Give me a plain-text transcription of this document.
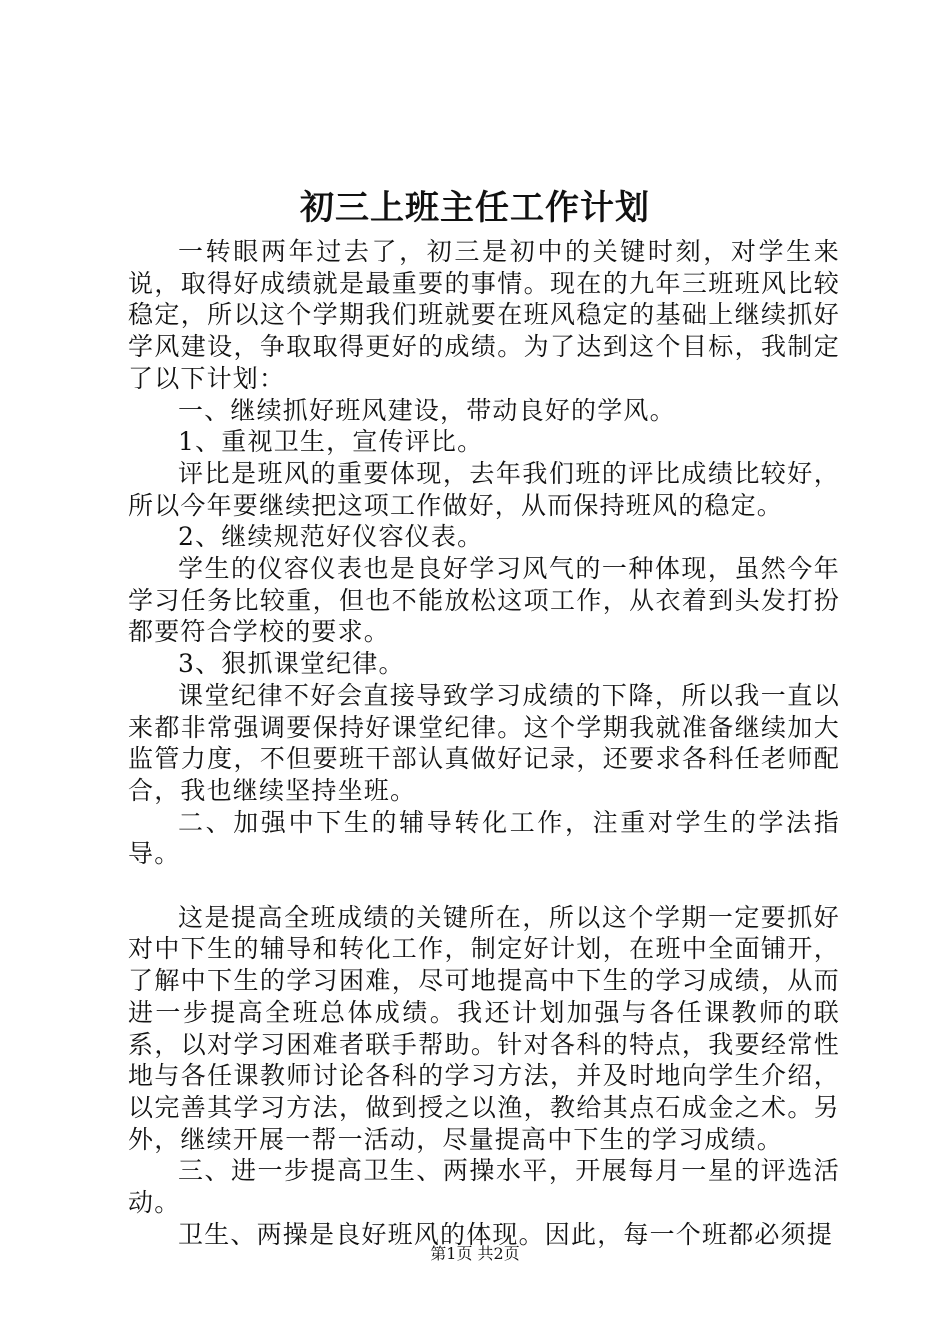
初三上班主任工作计划

一转眼两年过去了，初三是初中的关键时刻，对学生来说，取得好成绩就是最重要的事情。现在的九年三班班风比较稳定，所以这个学期我们班就要在班风稳定的基础上继续抓好学风建设，争取取得更好的成绩。为了达到这个目标，我制定了以下计划：

一、继续抓好班风建设，带动良好的学风。

1、重视卫生，宣传评比。

评比是班风的重要体现，去年我们班的评比成绩比较好，所以今年要继续把这项工作做好，从而保持班风的稳定。

2、继续规范好仪容仪表。

学生的仪容仪表也是良好学习风气的一种体现，虽然今年学习任务比较重，但也不能放松这项工作，从衣着到头发打扮都要符合学校的要求。

3、狠抓课堂纪律。

课堂纪律不好会直接导致学习成绩的下降，所以我一直以来都非常强调要保持好课堂纪律。这个学期我就准备继续加大监管力度，不但要班干部认真做好记录，还要求各科任老师配合，我也继续坚持坐班。

二、加强中下生的辅导转化工作，注重对学生的学法指导。

这是提高全班成绩的关键所在，所以这个学期一定要抓好对中下生的辅导和转化工作，制定好计划，在班中全面铺开，了解中下生的学习困难，尽可地提高中下生的学习成绩，从而进一步提高全班总体成绩。我还计划加强与各任课教师的联系，以对学习困难者联手帮助。针对各科的特点，我要经常性地与各任课教师讨论各科的学习方法，并及时地向学生介绍，以完善其学习方法，做到授之以渔，教给其点石成金之术。另外，继续开展一帮一活动，尽量提高中下生的学习成绩。

三、进一步提高卫生、两操水平，开展每月一星的评选活动。

卫生、两操是良好班风的体现。因此，每一个班都必须提

第1页 共2页
